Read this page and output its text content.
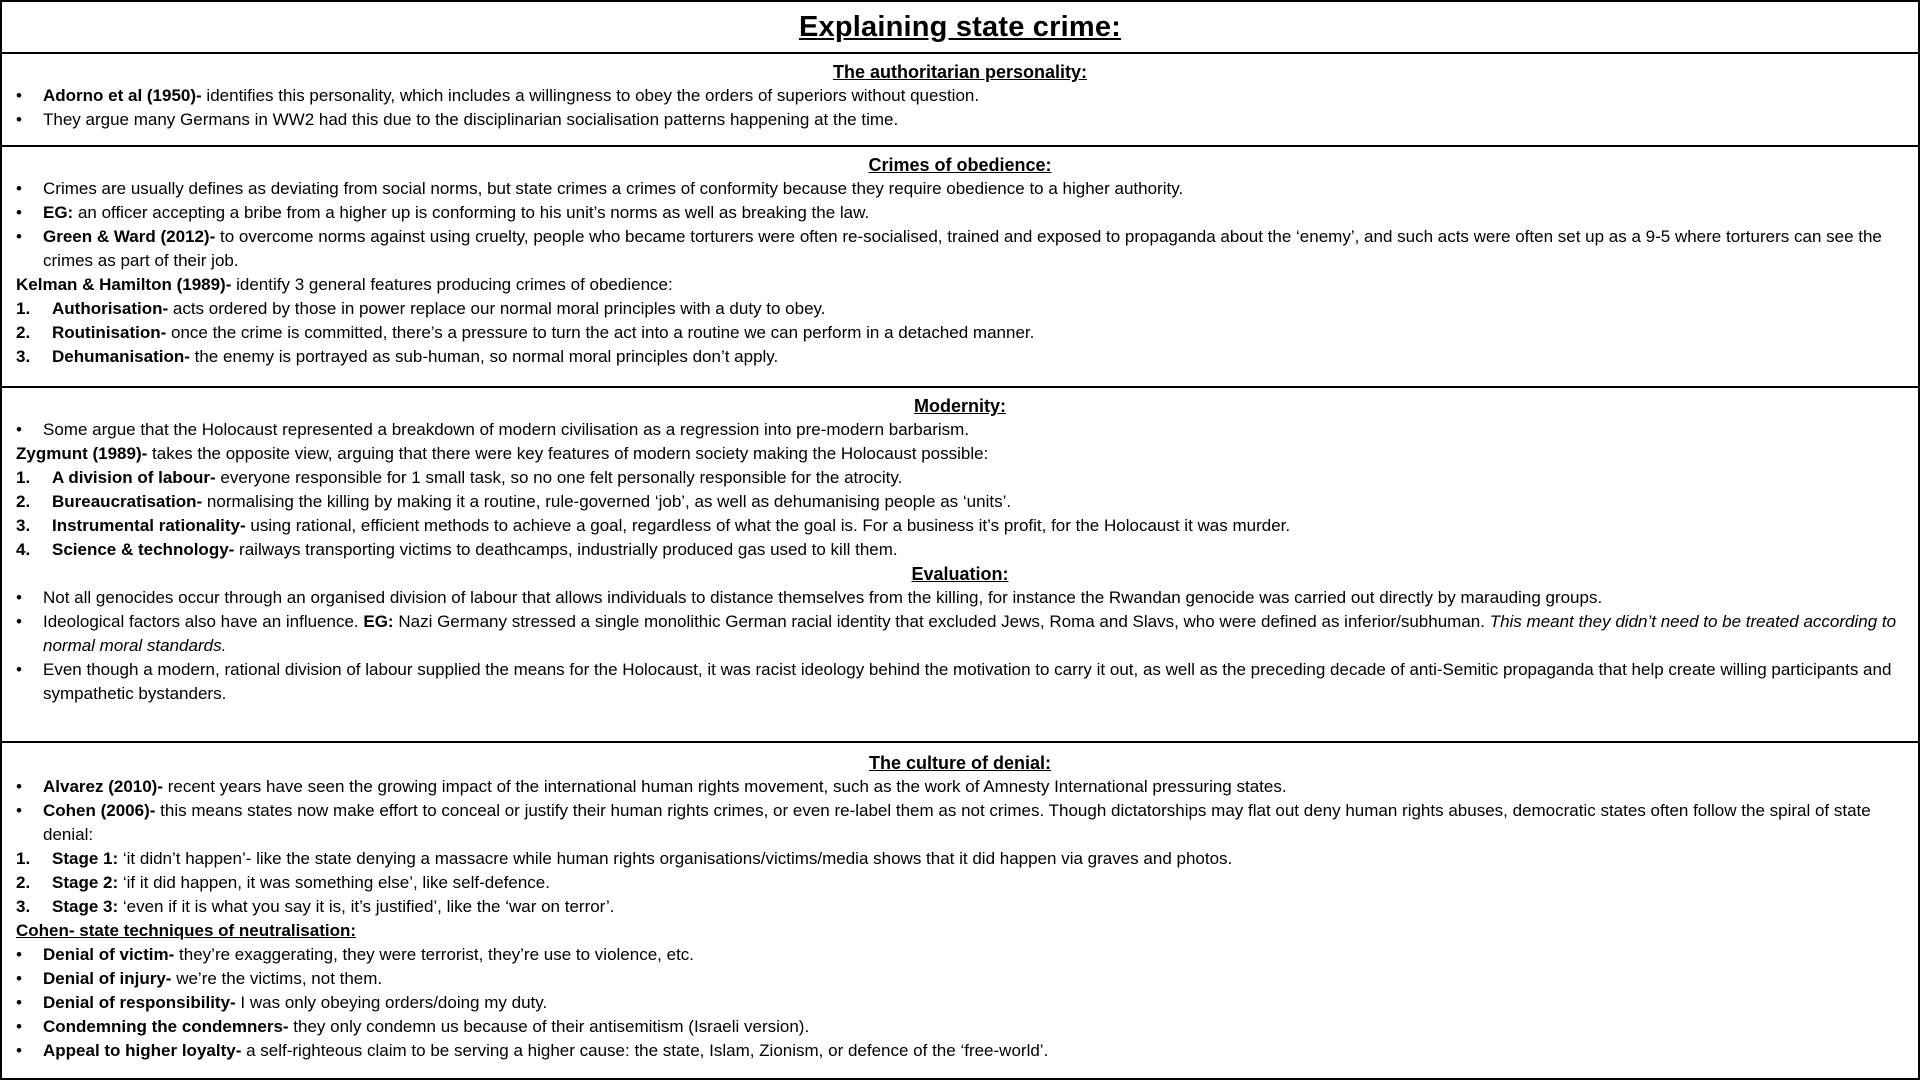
Explaining state crime:
The authoritarian personality:
•	Adorno et al (1950)- identifies this personality, which includes a willingness to obey the orders of superiors without question.
•	They argue many Germans in WW2 had this due to the disciplinarian socialisation patterns happening at the time.
Crimes of obedience:
•	Crimes are usually defines as deviating from social norms, but state crimes a crimes of conformity because they require obedience to a higher authority.
•	EG: an officer accepting a bribe from a higher up is conforming to his unit’s norms as well as breaking the law.
•	Green & Ward (2012)- to overcome norms against using cruelty, people who became torturers were often re-socialised, trained and exposed to propaganda about the ‘enemy’, and such acts were often set up as a 9-5 where torturers can see the crimes as part of their job.
Kelman & Hamilton (1989)- identify 3 general features producing crimes of obedience:
1.	Authorisation- acts ordered by those in power replace our normal moral principles with a duty to obey.
2.	Routinisation- once the crime is committed, there’s a pressure to turn the act into a routine we can perform in a detached manner.
3.	Dehumanisation- the enemy is portrayed as sub-human, so normal moral principles don’t apply.
Modernity:
•	Some argue that the Holocaust represented a breakdown of modern civilisation as a regression into pre-modern barbarism.
Zygmunt (1989)- takes the opposite view, arguing that there were key features of modern society making the Holocaust possible:
1.	A division of labour- everyone responsible for 1 small task, so no one felt personally responsible for the atrocity.
2.	Bureaucratisation- normalising the killing by making it a routine, rule-governed ‘job’, as well as dehumanising people as ‘units’.
3.	Instrumental rationality- using rational, efficient methods to achieve a goal, regardless of what the goal is. For a business it’s profit, for the Holocaust it was murder.
4.	Science & technology- railways transporting victims to deathcamps, industrially produced gas used to kill them.
Evaluation:
•	Not all genocides occur through an organised division of labour that allows individuals to distance themselves from the killing, for instance the Rwandan genocide was carried out directly by marauding groups.
•	Ideological factors also have an influence. EG: Nazi Germany stressed a single monolithic German racial identity that excluded Jews, Roma and Slavs, who were defined as inferior/subhuman. This meant they didn’t need to be treated according to normal moral standards.
•	Even though a modern, rational division of labour supplied the means for the Holocaust, it was racist ideology behind the motivation to carry it out, as well as the preceding decade of anti-Semitic propaganda that help create willing participants and sympathetic bystanders.
The culture of denial:
•	Alvarez (2010)- recent years have seen the growing impact of the international human rights movement, such as the work of Amnesty International pressuring states.
•	Cohen (2006)- this means states now make effort to conceal or justify their human rights crimes, or even re-label them as not crimes. Though dictatorships may flat out deny human rights abuses, democratic states often follow the spiral of state denial:
1.	Stage 1: ‘it didn’t happen’- like the state denying a massacre while human rights organisations/victims/media shows that it did happen via graves and photos.
2.	Stage 2: ‘if it did happen, it was something else’, like self-defence.
3.	Stage 3: ‘even if it is what you say it is, it’s justified’, like the ‘war on terror’.
Cohen- state techniques of neutralisation:
•	Denial of victim- they’re exaggerating, they were terrorist, they’re use to violence, etc.
•	Denial of injury- we’re the victims, not them.
•	Denial of responsibility- I was only obeying orders/doing my duty.
•	Condemning the condemners- they only condemn us because of their antisemitism (Israeli version).
•	Appeal to higher loyalty- a self-righteous claim to be serving a higher cause: the state, Islam, Zionism, or defence of the ‘free-world’.
